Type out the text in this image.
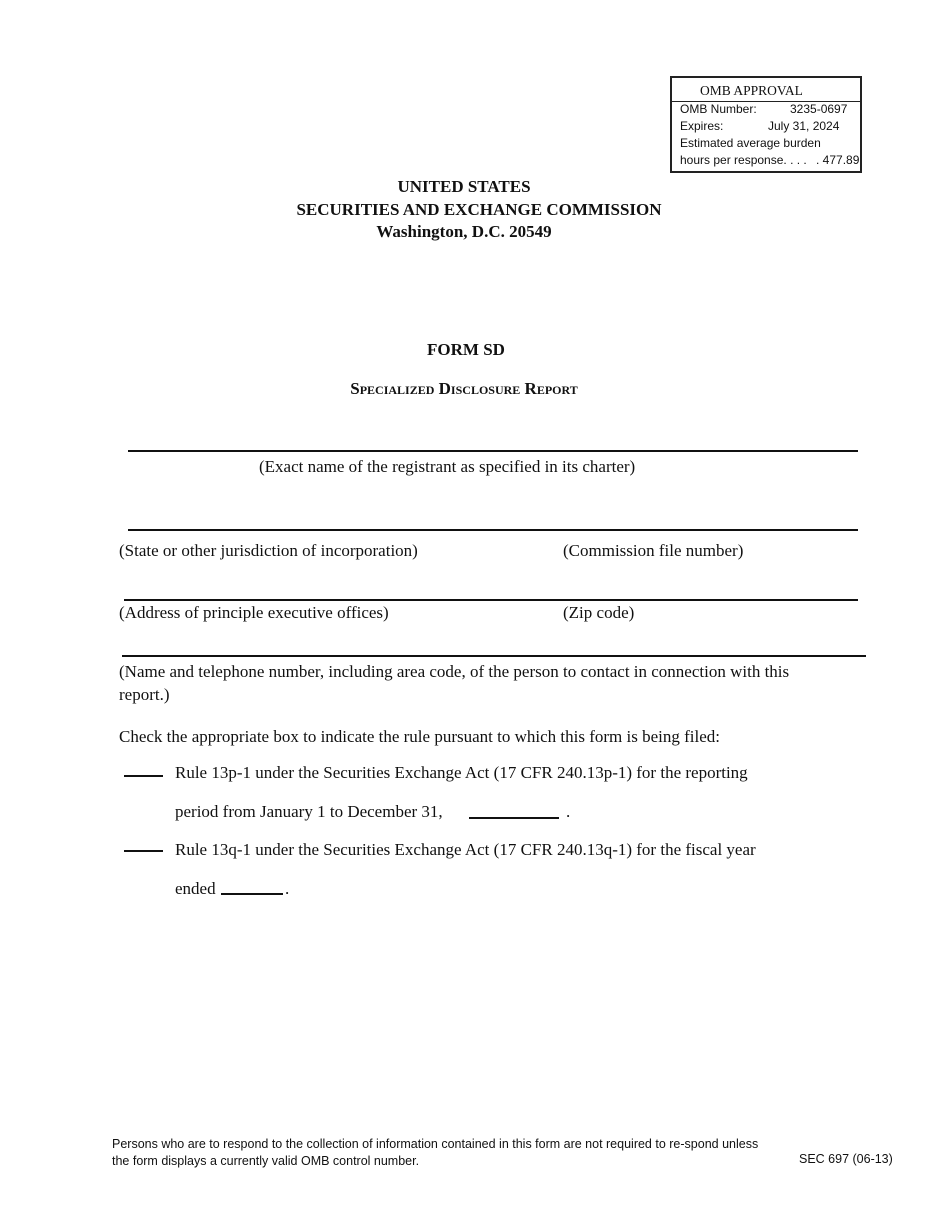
OMB APPROVAL
OMB Number:	3235-0697
Expires:	July 31, 2024
Estimated average burden
hours per response. . . . . 477.89
UNITED STATES
SECURITIES AND EXCHANGE COMMISSION
Washington, D.C. 20549
FORM SD
Specialized Disclosure Report
(Exact name of the registrant as specified in its charter)
(State or other jurisdiction of incorporation)	(Commission file number)
(Address of principle executive offices)	(Zip code)
(Name and telephone number, including area code, of the person to contact in connection with this report.)
Check the appropriate box to indicate the rule pursuant to which this form is being filed:
Rule 13p-1 under the Securities Exchange Act (17 CFR 240.13p-1) for the reporting
period from January 1 to December 31,	.
Rule 13q-1 under the Securities Exchange Act (17 CFR 240.13q-1) for the fiscal year
ended	.
Persons who are to respond to the collection of information contained in this form are not required to re-spond unless the form displays a currently valid OMB control number.	SEC 697 (06-13)
